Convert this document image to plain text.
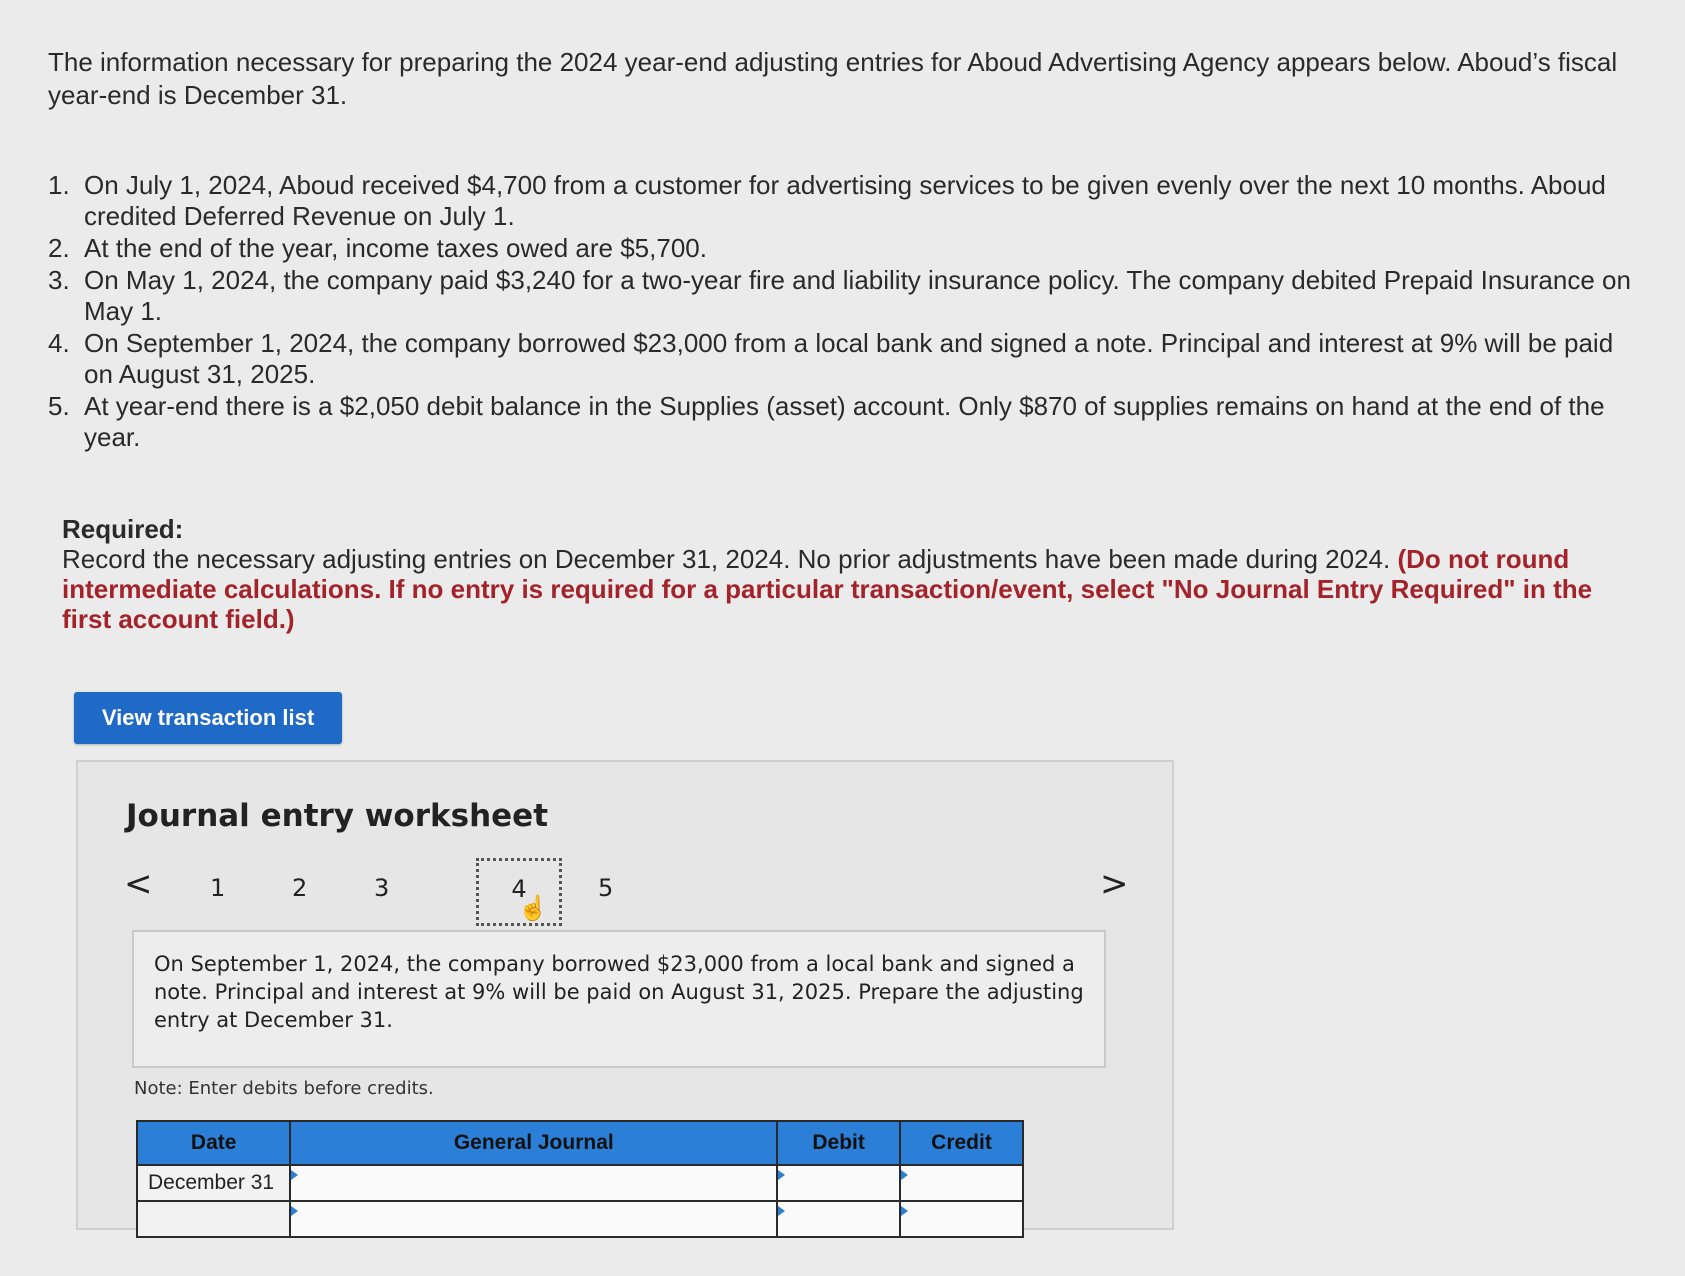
The information necessary for preparing the 2024 year-end adjusting entries for Aboud Advertising Agency appears below. Aboud’s fiscal year-end is December 31.
1. On July 1, 2024, Aboud received $4,700 from a customer for advertising services to be given evenly over the next 10 months. Aboud credited Deferred Revenue on July 1.
2. At the end of the year, income taxes owed are $5,700.
3. On May 1, 2024, the company paid $3,240 for a two-year fire and liability insurance policy. The company debited Prepaid Insurance on May 1.
4. On September 1, 2024, the company borrowed $23,000 from a local bank and signed a note. Principal and interest at 9% will be paid on August 31, 2025.
5. At year-end there is a $2,050 debit balance in the Supplies (asset) account. Only $870 of supplies remains on hand at the end of the year.
Required:
Record the necessary adjusting entries on December 31, 2024. No prior adjustments have been made during 2024. (Do not round intermediate calculations. If no entry is required for a particular transaction/event, select "No Journal Entry Required" in the first account field.)
View transaction list
Journal entry worksheet
< 1	2	3	4
☝
5	>
On September 1, 2024, the company borrowed $23,000 from a local bank and signed a note. Principal and interest at 9% will be paid on August 31, 2025. Prepare the adjusting entry at December 31.
Note: Enter debits before credits.
Date	General Journal	Debit	Credit
December 31			
